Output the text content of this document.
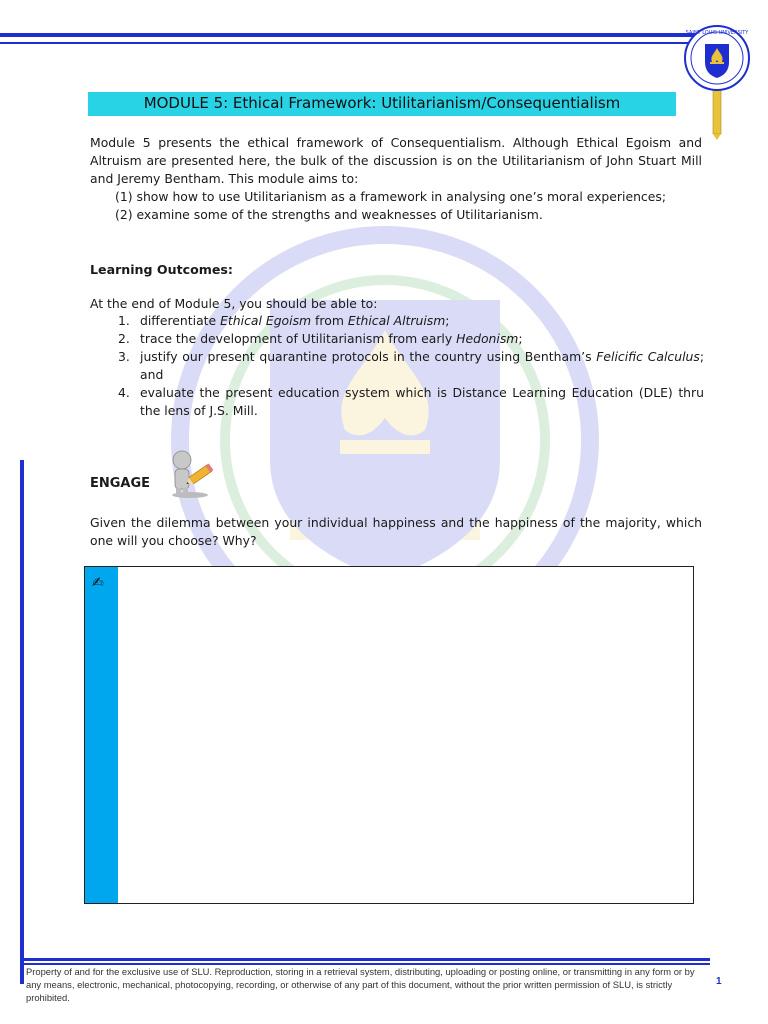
SAINT LOUIS UNIVERSITY
MODULE 5: Ethical Framework: Utilitarianism/Consequentialism
Module 5 presents the ethical framework of Consequentialism. Although Ethical Egoism and Altruism are presented here, the bulk of the discussion is on the Utilitarianism of John Stuart Mill and Jeremy Bentham. This module aims to:
(1) show how to use Utilitarianism as a framework in analysing one’s moral experiences;
(2) examine some of the strengths and weaknesses of Utilitarianism.
Learning Outcomes:
At the end of Module 5, you should be able to:
1. differentiate Ethical Egoism from Ethical Altruism;
2. trace the development of Utilitarianism from early Hedonism;
3. justify our present quarantine protocols in the country using Bentham’s Felicific Calculus; and
4. evaluate the present education system which is Distance Learning Education (DLE) thru the lens of J.S. Mill.
ENGAGE
Given the dilemma between your individual happiness and the happiness of the majority, which one will you choose? Why?
✍
Property of and for the exclusive use of SLU. Reproduction, storing in a retrieval system, distributing, uploading or posting online, or transmitting in any form or by any means, electronic, mechanical, photocopying, recording, or otherwise of any part of this document, without the prior written permission of SLU, is strictly prohibited.
1
